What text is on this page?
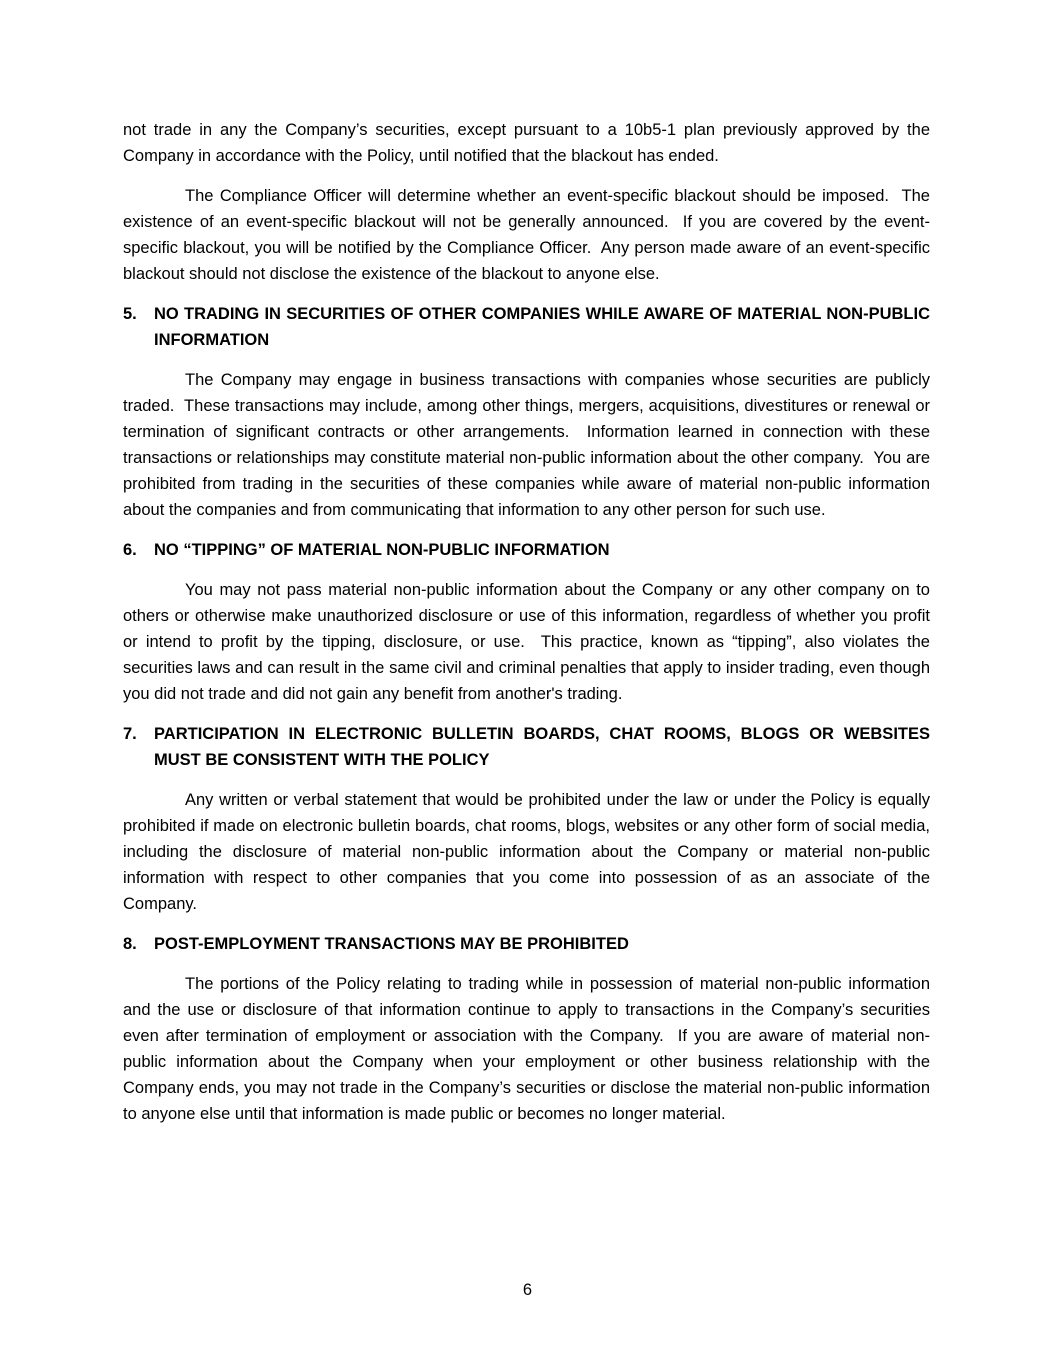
not trade in any the Company’s securities, except pursuant to a 10b5-1 plan previously approved by the Company in accordance with the Policy, until notified that the blackout has ended.

The Compliance Officer will determine whether an event-specific blackout should be imposed.  The existence of an event-specific blackout will not be generally announced.  If you are covered by the event-specific blackout, you will be notified by the Compliance Officer.  Any person made aware of an event-specific blackout should not disclose the existence of the blackout to anyone else.

5.	NO TRADING IN SECURITIES OF OTHER COMPANIES WHILE AWARE OF MATERIAL NON-PUBLIC INFORMATION

The Company may engage in business transactions with companies whose securities are publicly traded.  These transactions may include, among other things, mergers, acquisitions, divestitures or renewal or termination of significant contracts or other arrangements.  Information learned in connection with these transactions or relationships may constitute material non-public information about the other company.  You are prohibited from trading in the securities of these companies while aware of material non-public information about the companies and from communicating that information to any other person for such use.

6.	NO “TIPPING” OF MATERIAL NON-PUBLIC INFORMATION

You may not pass material non-public information about the Company or any other company on to others or otherwise make unauthorized disclosure or use of this information, regardless of whether you profit or intend to profit by the tipping, disclosure, or use.  This practice, known as “tipping”, also violates the securities laws and can result in the same civil and criminal penalties that apply to insider trading, even though you did not trade and did not gain any benefit from another's trading.

7.	PARTICIPATION IN ELECTRONIC BULLETIN BOARDS, CHAT ROOMS, BLOGS OR WEBSITES MUST BE CONSISTENT WITH THE POLICY

Any written or verbal statement that would be prohibited under the law or under the Policy is equally prohibited if made on electronic bulletin boards, chat rooms, blogs, websites or any other form of social media, including the disclosure of material non-public information about the Company or material non-public information with respect to other companies that you come into possession of as an associate of the Company.

8.	POST-EMPLOYMENT TRANSACTIONS MAY BE PROHIBITED

The portions of the Policy relating to trading while in possession of material non-public information and the use or disclosure of that information continue to apply to transactions in the Company’s securities even after termination of employment or association with the Company.  If you are aware of material non-public information about the Company when your employment or other business relationship with the Company ends, you may not trade in the Company’s securities or disclose the material non-public information to anyone else until that information is made public or becomes no longer material.

6
